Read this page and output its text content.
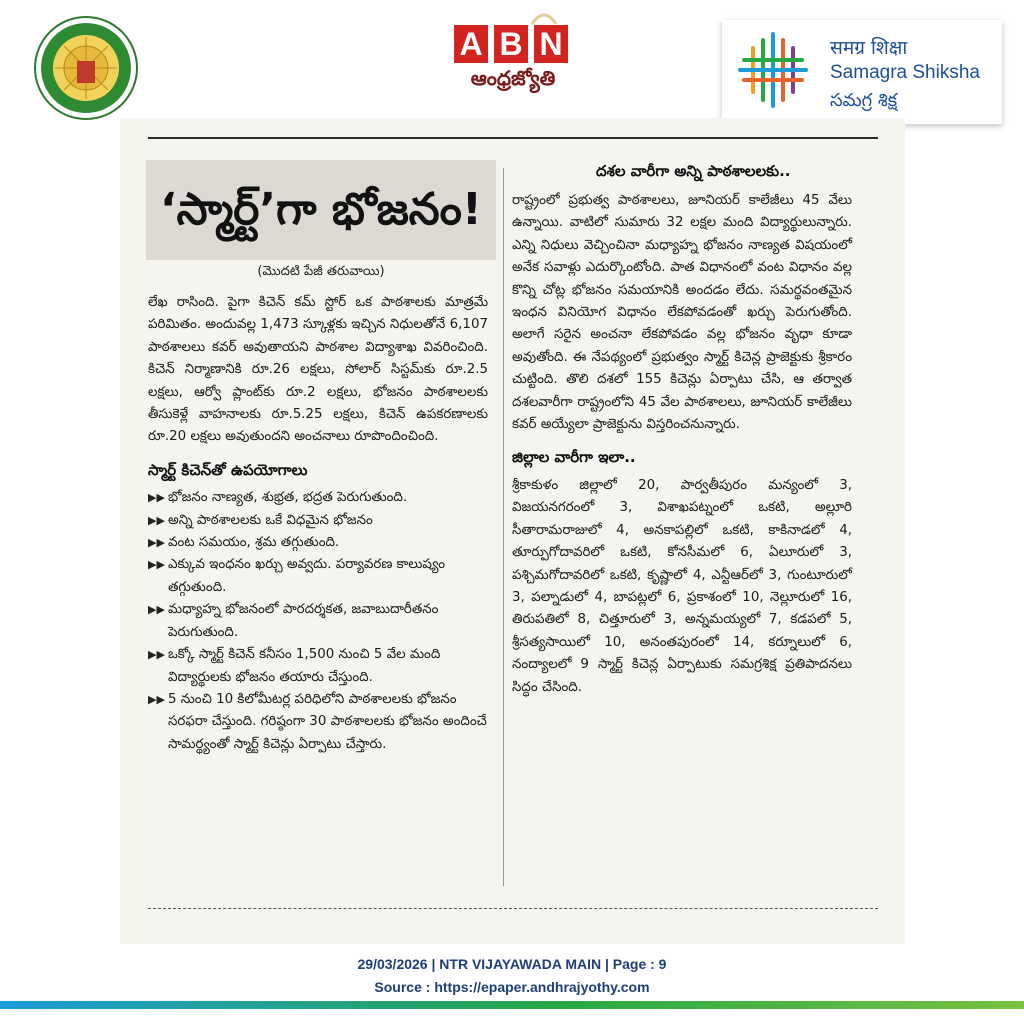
A B N
ఆంధ్రజ్యోతి
समग्र शिक्षा
Samagra Shiksha
సమగ్ర శిక్ష
‘స్మార్ట్’గా భోజనం!
(మొదటి పేజీ తరువాయి)

లేఖ రాసింది. పైగా కిచెన్ కమ్ స్టోర్ ఒక పాఠశాలకు మాత్రమే పరిమితం. అందువల్ల 1,473 స్కూళ్లకు ఇచ్చిన నిధులతోనే 6,107 పాఠశాలలు కవర్ అవుతాయని పాఠశాల విద్యాశాఖ వివరించింది. కిచెన్ నిర్మాణానికి రూ.26 లక్షలు, సోలార్ సిస్టమ్‌కు రూ.2.5 లక్షలు, ఆర్వో ప్లాంట్‌కు రూ.2 లక్షలు, భోజనం పాఠశాలలకు తీసుకెళ్లే వాహనాలకు రూ.5.25 లక్షలు, కిచెన్ ఉపకరణాలకు రూ.20 లక్షలు అవుతుందని అంచనాలు రూపొందించింది.

స్మార్ట్ కిచెన్‌తో ఉపయోగాలు

▶▶ భోజనం నాణ్యత, శుభ్రత, భద్రత పెరుగుతుంది.
▶▶ అన్ని పాఠశాలలకు ఒకే విధమైన భోజనం
▶▶ వంట సమయం, శ్రమ తగ్గుతుంది.
▶▶ ఎక్కువ ఇంధనం ఖర్చు అవ్వదు. పర్యావరణ కాలుష్యం తగ్గుతుంది.
▶▶ మధ్యాహ్న భోజనంలో పారదర్శకత, జవాబుదారీతనం పెరుగుతుంది.
▶▶ ఒక్కో స్మార్ట్ కిచెన్ కనీసం 1,500 నుంచి 5 వేల మంది విద్యార్థులకు భోజనం తయారు చేస్తుంది.
▶▶ 5 నుంచి 10 కిలోమీటర్ల పరిధిలోని పాఠశాలలకు భోజనం సరఫరా చేస్తుంది. గరిష్ఠంగా 30 పాఠశాలలకు భోజనం అందించే సామర్థ్యంతో స్మార్ట్ కిచెన్లు ఏర్పాటు చేస్తారు.
దశల వారీగా అన్ని పాఠశాలలకు..

రాష్ట్రంలో ప్రభుత్వ పాఠశాలలు, జూనియర్ కాలేజీలు 45 వేలు ఉన్నాయి. వాటిలో సుమారు 32 లక్షల మంది విద్యార్థులున్నారు. ఎన్ని నిధులు వెచ్చించినా మధ్యాహ్న భోజనం నాణ్యత విషయంలో అనేక సవాళ్లు ఎదుర్కొంటోంది. పాత విధానంలో వంట విధానం వల్ల కొన్ని చోట్ల భోజనం సమయానికి అందడం లేదు. సమర్థవంతమైన ఇంధన వినియోగ విధానం లేకపోవడంతో ఖర్చు పెరుగుతోంది. అలాగే సరైన అంచనా లేకపోవడం వల్ల భోజనం వృధా కూడా అవుతోంది. ఈ నేపథ్యంలో ప్రభుత్వం స్మార్ట్ కిచెన్ల ప్రాజెక్టుకు శ్రీకారం చుట్టింది. తొలి దశలో 155 కిచెన్లు ఏర్పాటు చేసి, ఆ తర్వాత దశలవారీగా రాష్ట్రంలోని 45 వేల పాఠశాలలు, జూనియర్ కాలేజీలు కవర్ అయ్యేలా ప్రాజెక్టును విస్తరించనున్నారు.

జిల్లాల వారీగా ఇలా..

శ్రీకాకుళం జిల్లాలో 20, పార్వతీపురం మన్యంలో 3, విజయనగరంలో 3, విశాఖపట్నంలో ఒకటి, అల్లూరి సీతారామరాజులో 4, అనకాపల్లిలో ఒకటి, కాకినాడలో 4, తూర్పుగోదావరిలో ఒకటి, కోనసీమలో 6, ఏలూరులో 3, పశ్చిమగోదావరిలో ఒకటి, కృష్ణాలో 4, ఎన్టీఆర్‌లో 3, గుంటూరులో 3, పల్నాడులో 4, బాపట్లలో 6, ప్రకాశంలో 10, నెల్లూరులో 16, తిరుపతిలో 8, చిత్తూరులో 3, అన్నమయ్యలో 7, కడపలో 5, శ్రీసత్యసాయిలో 10, అనంతపురంలో 14, కర్నూలులో 6, నంద్యాలలో 9 స్మార్ట్ కిచెన్ల ఏర్పాటుకు సమగ్రశిక్ష ప్రతిపాదనలు సిద్ధం చేసింది.

29/03/2026 | NTR VIJAYAWADA MAIN | Page : 9
Source : https://epaper.andhrajyothy.com
